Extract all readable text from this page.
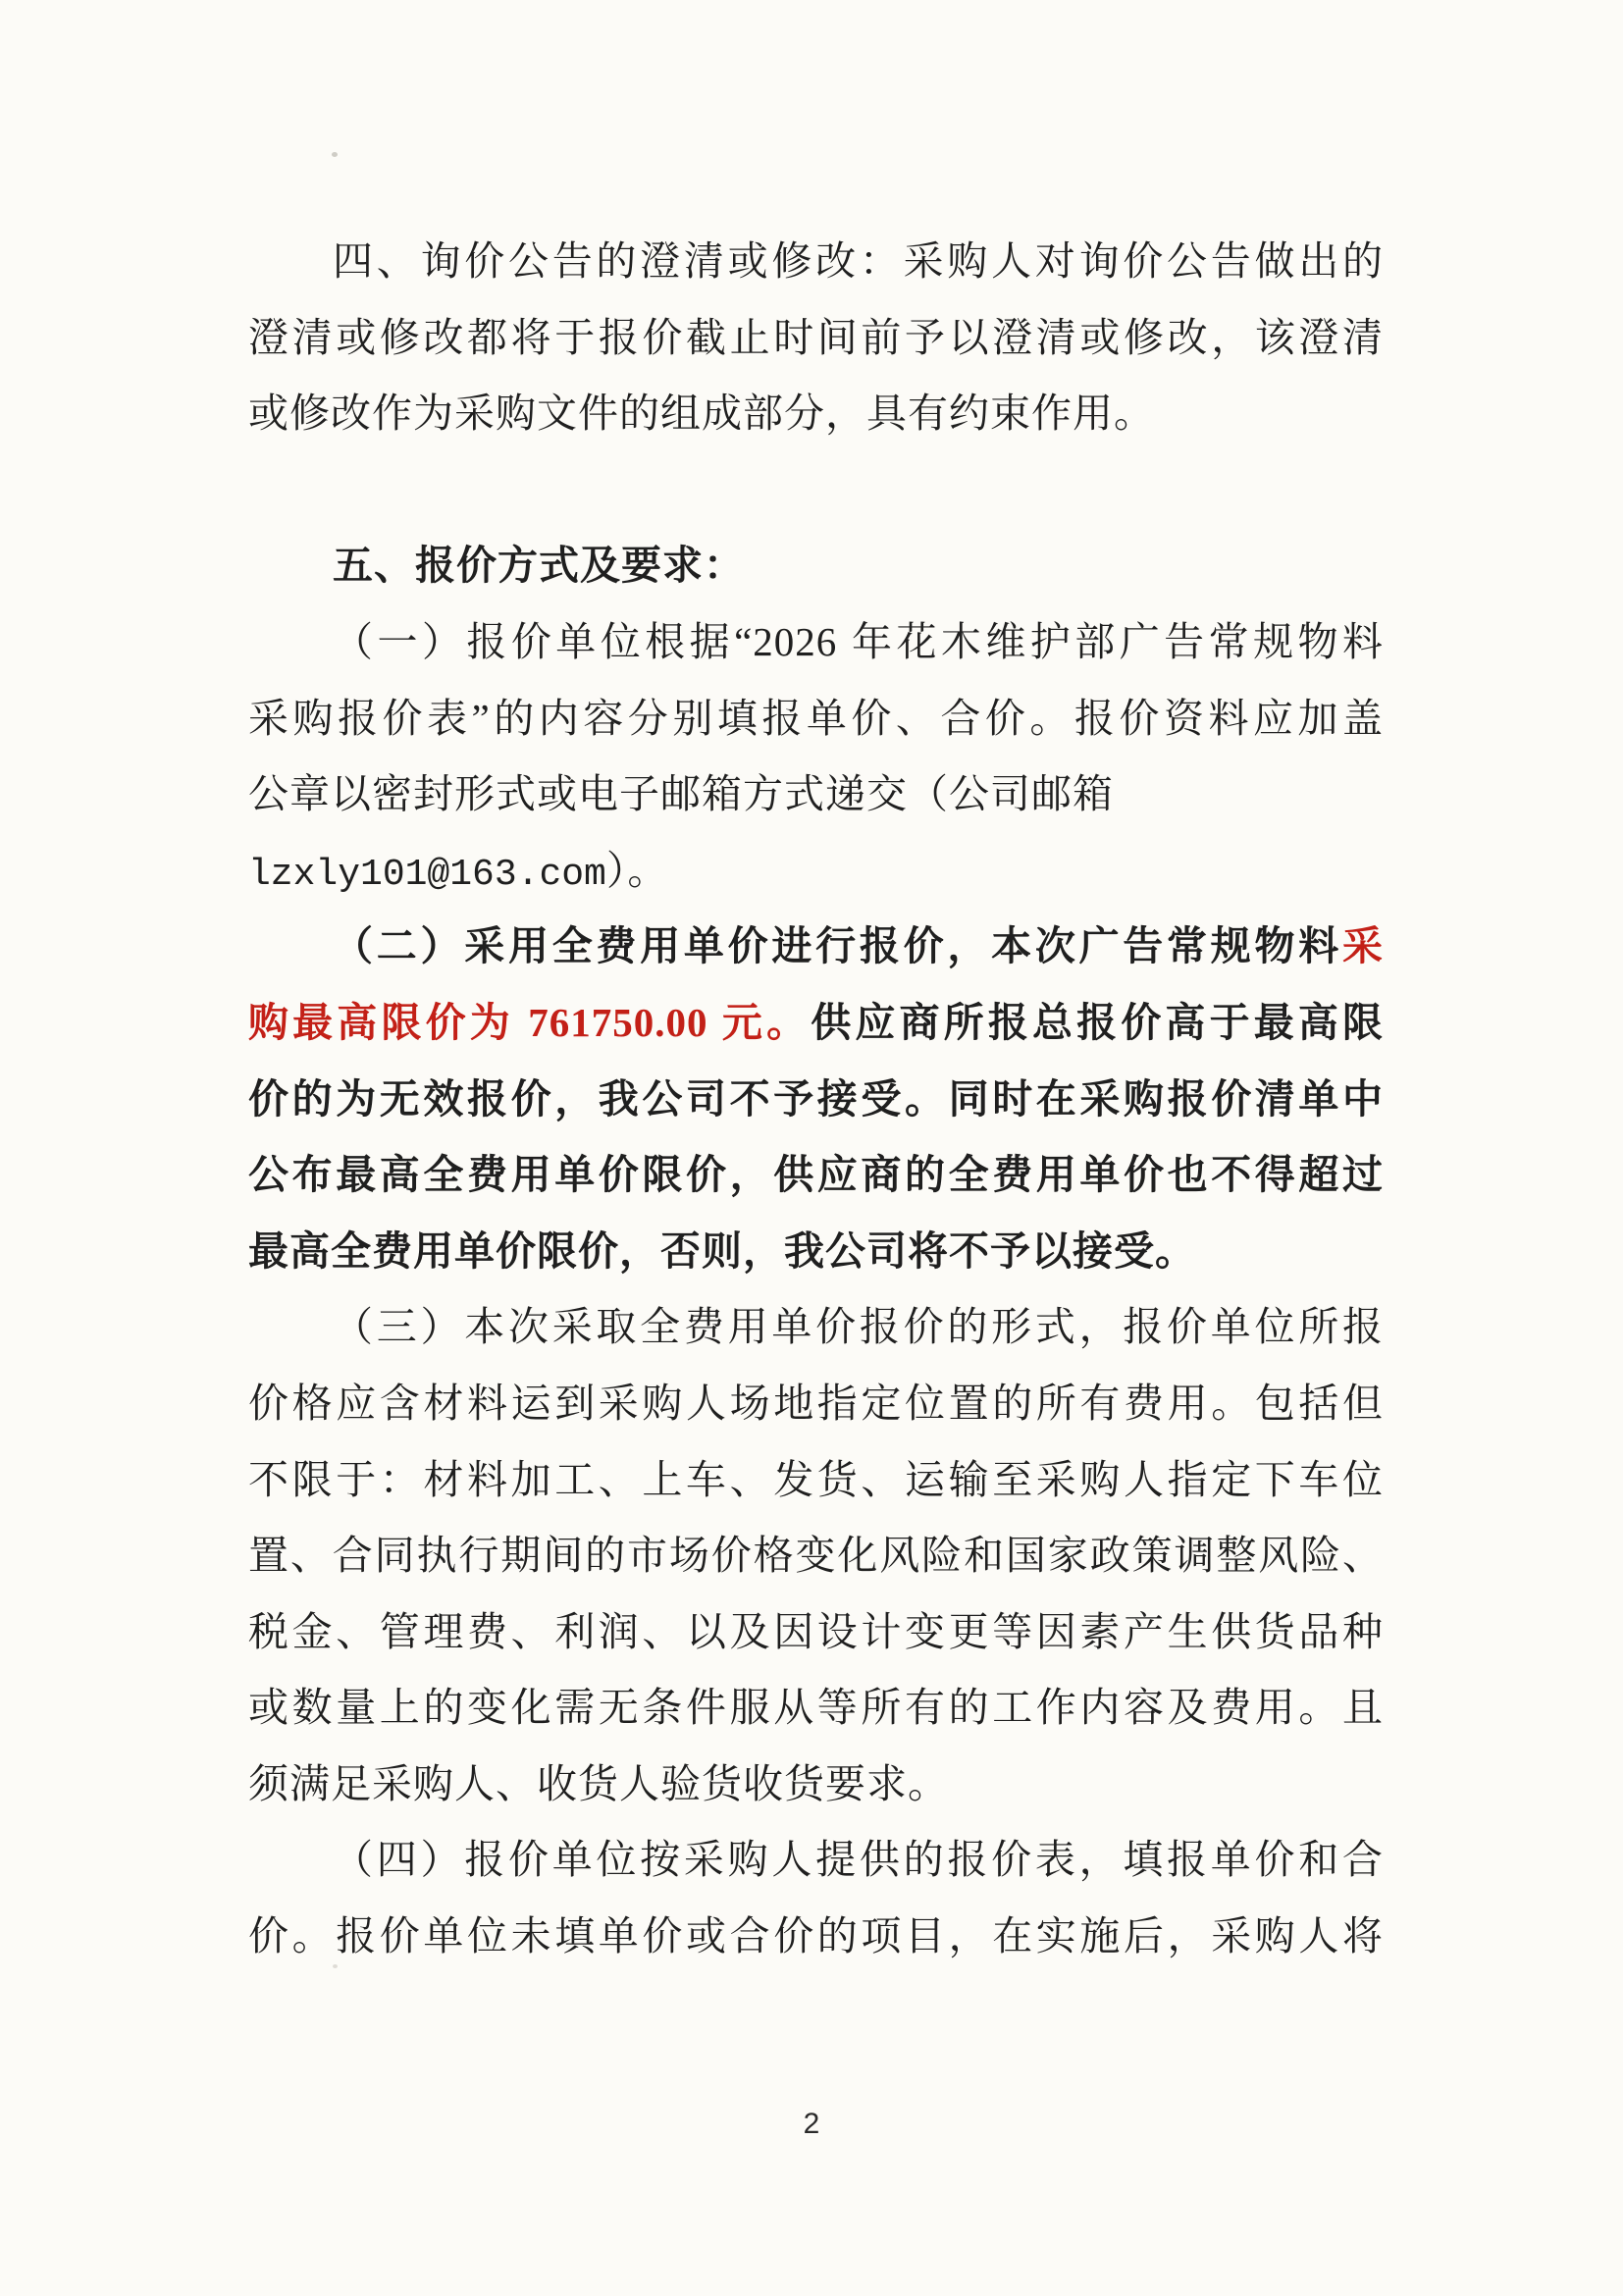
四、询价公告的澄清或修改：采购人对询价公告做出的
澄清或修改都将于报价截止时间前予以澄清或修改，该澄清
或修改作为采购文件的组成部分，具有约束作用。
五、报价方式及要求：
（一）报价单位根据“2026 年花木维护部广告常规物料
采购报价表”的内容分别填报单价、合价。报价资料应加盖
公章以密封形式或电子邮箱方式递交（公司邮箱
lzxly101@163.com）。
（二）采用全费用单价进行报价，本次广告常规物料采
购最高限价为 761750.00 元。供应商所报总报价高于最高限
价的为无效报价，我公司不予接受。同时在采购报价清单中
公布最高全费用单价限价，供应商的全费用单价也不得超过
最高全费用单价限价，否则，我公司将不予以接受。
（三）本次采取全费用单价报价的形式，报价单位所报
价格应含材料运到采购人场地指定位置的所有费用。包括但
不限于：材料加工、上车、发货、运输至采购人指定下车位
置、合同执行期间的市场价格变化风险和国家政策调整风险、
税金、管理费、利润、以及因设计变更等因素产生供货品种
或数量上的变化需无条件服从等所有的工作内容及费用。且
须满足采购人、收货人验货收货要求。
（四）报价单位按采购人提供的报价表，填报单价和合
价。报价单位未填单价或合价的项目，在实施后，采购人将
2
